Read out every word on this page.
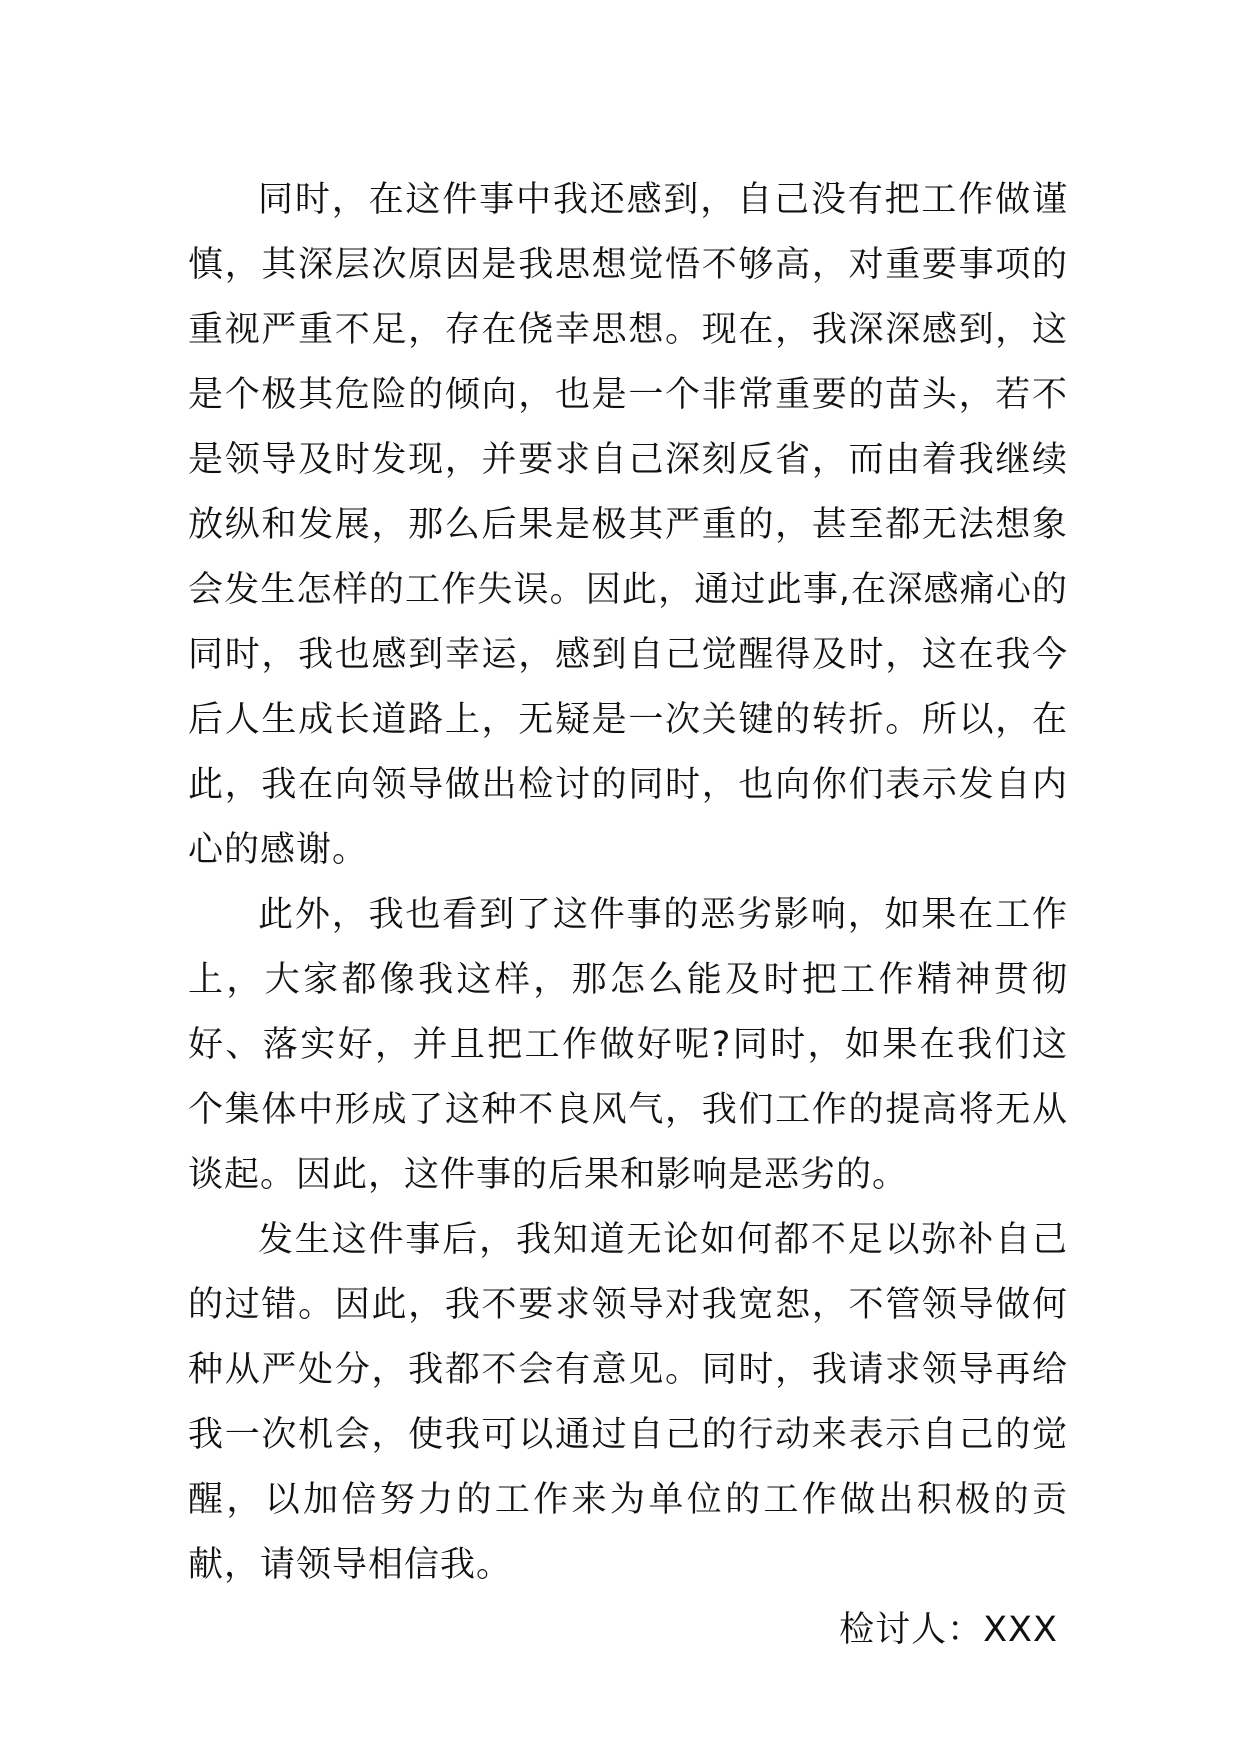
同时，在这件事中我还感到，自己没有把工作做谨慎，其深层次原因是我思想觉悟不够高，对重要事项的重视严重不足，存在侥幸思想。现在，我深深感到，这是个极其危险的倾向，也是一个非常重要的苗头，若不是领导及时发现，并要求自己深刻反省，而由着我继续放纵和发展，那么后果是极其严重的，甚至都无法想象会发生怎样的工作失误。因此，通过此事,在深感痛心的同时，我也感到幸运，感到自己觉醒得及时，这在我今后人生成长道路上，无疑是一次关键的转折。所以，在此，我在向领导做出检讨的同时，也向你们表示发自内心的感谢。

此外，我也看到了这件事的恶劣影响，如果在工作上，大家都像我这样，那怎么能及时把工作精神贯彻好、落实好，并且把工作做好呢?同时，如果在我们这个集体中形成了这种不良风气，我们工作的提高将无从谈起。因此，这件事的后果和影响是恶劣的。

发生这件事后，我知道无论如何都不足以弥补自己的过错。因此，我不要求领导对我宽恕，不管领导做何种从严处分，我都不会有意见。同时，我请求领导再给我一次机会，使我可以通过自己的行动来表示自己的觉醒，以加倍努力的工作来为单位的工作做出积极的贡献，请领导相信我。

检讨人：XXX
